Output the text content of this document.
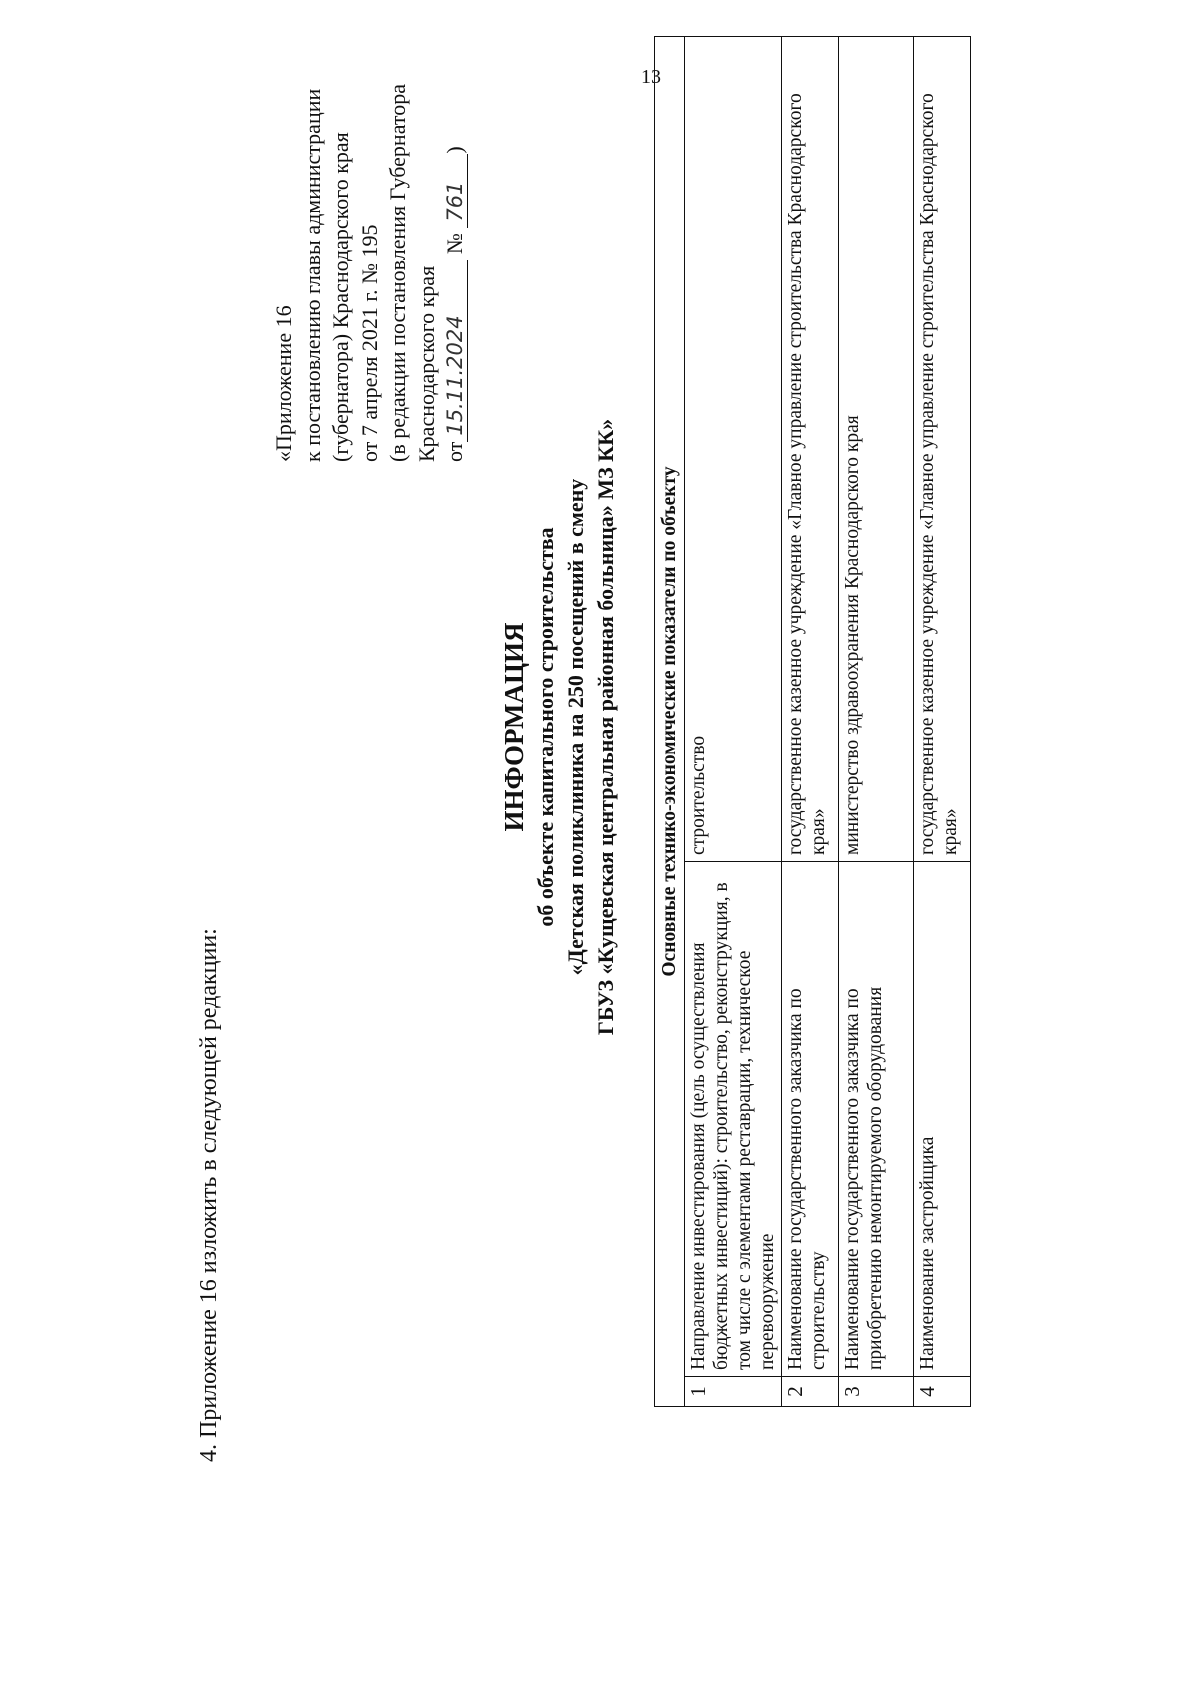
13
4. Приложение 16 изложить в следующей редакции:
«Приложение 16 к постановлению главы администрации (губернатора) Краснодарского края от 7 апреля 2021 г. № 195 (в редакции постановления Губернатора Краснодарского края от15.11.2024 № 761)
ИНФОРМАЦИЯ об объекте капитального строительства «Детская поликлиника на 250 посещений в смену ГБУЗ «Кущевская центральная районная больница» МЗ КК» Основные технико-экономические показатели по объекту		
1	Направление инвестирования (цель осуществления бюджетных инвестиций): строительство, реконструкция, в том числе с элементами реставрации, техническое перевооружение	строительство
2	Наименование государственного заказчика по строительству	государственное казенное учреждение «Главное управление строительства Краснодарского края»
3	Наименование государственного заказчика по приобретению немонтируемого оборудования	министерство здравоохранения Краснодарского края
4	Наименование застройщика	государственное казенное учреждение «Главное управление строительства Краснодарского края»
